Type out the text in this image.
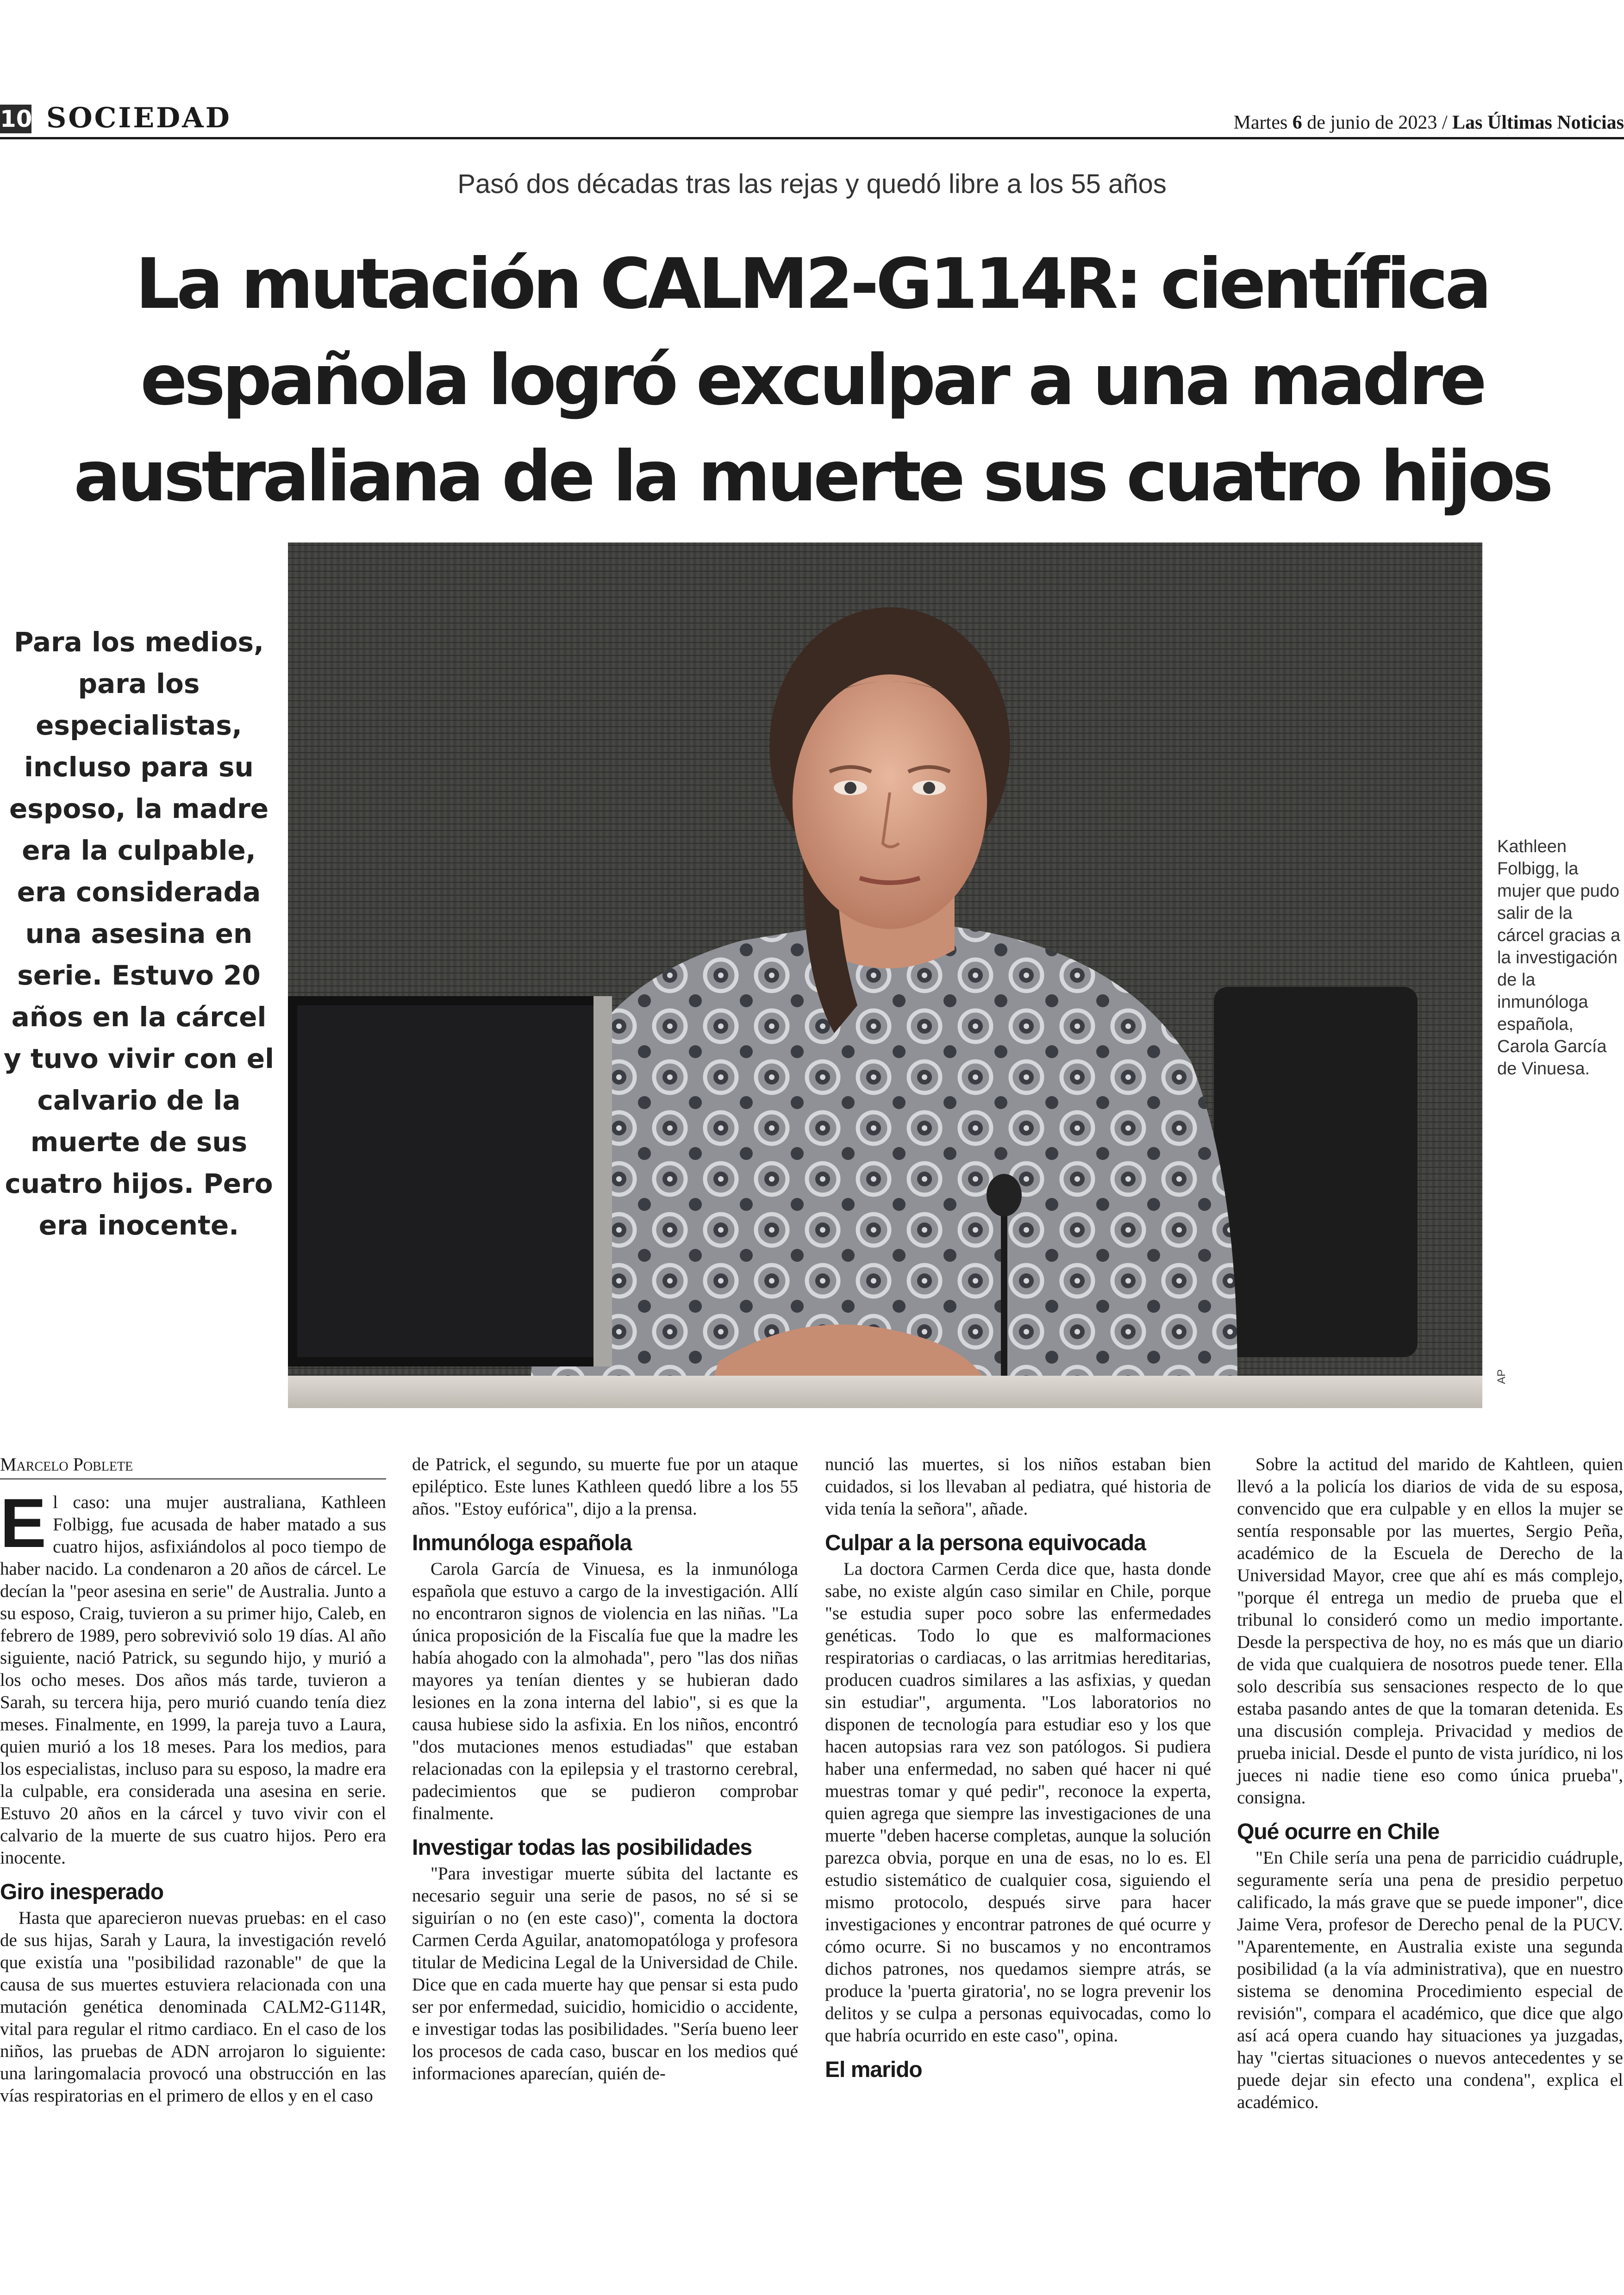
10 SOCIEDAD	Martes 6 de junio de 2023 / Las Últimas Noticias
Pasó dos décadas tras las rejas y quedó libre a los 55 años
La mutación CALM2-G114R: científica
española logró exculpar a una madre
australiana de la muerte sus cuatro hijos
Para los medios, para los especialistas, incluso para su esposo, la madre era la culpable, era considerada una asesina en serie. Estuvo 20 años en la cárcel y tuvo vivir con el calvario de la muerte de sus cuatro hijos. Pero era inocente.
AP
Kathleen Folbigg, la mujer que pudo salir de la cárcel gracias a la investigación de la inmunóloga española, Carola García de Vinuesa.
Marcelo Poblete

El caso: una mujer australiana, Kathleen Folbigg, fue acusada de haber matado a sus cuatro hijos, asfixiándolos al poco tiempo de haber nacido. La condenaron a 20 años de cárcel. Le decían la "peor asesina en serie" de Australia. Junto a su esposo, Craig, tuvieron a su primer hijo, Caleb, en febrero de 1989, pero sobrevivió solo 19 días. Al año siguiente, nació Patrick, su segundo hijo, y murió a los ocho meses. Dos años más tarde, tuvieron a Sarah, su tercera hija, pero murió cuando tenía diez meses. Finalmente, en 1999, la pareja tuvo a Laura, quien murió a los 18 meses. Para los medios, para los especialistas, incluso para su esposo, la madre era la culpable, era considerada una asesina en serie. Estuvo 20 años en la cárcel y tuvo vivir con el calvario de la muerte de sus cuatro hijos. Pero era inocente.

Giro inesperado

Hasta que aparecieron nuevas pruebas: en el caso de sus hijas, Sarah y Laura, la investigación reveló que existía una "posibilidad razonable" de que la causa de sus muertes estuviera relacionada con una mutación genética denominada CALM2-G114R, vital para regular el ritmo cardiaco. En el caso de los niños, las pruebas de ADN arrojaron lo siguiente: una laringomalacia provocó una obstrucción en las vías respiratorias en el primero de ellos y en el caso

de Patrick, el segundo, su muerte fue por un ataque epiléptico. Este lunes Kathleen quedó libre a los 55 años. "Estoy eufórica", dijo a la prensa.

Inmunóloga española

Carola García de Vinuesa, es la inmunóloga española que estuvo a cargo de la investigación. Allí no encontraron signos de violencia en las niñas. "La única proposición de la Fiscalía fue que la madre les había ahogado con la almohada", pero "las dos niñas mayores ya tenían dientes y se hubieran dado lesiones en la zona interna del labio", si es que la causa hubiese sido la asfixia. En los niños, encontró "dos mutaciones menos estudiadas" que estaban relacionadas con la epilepsia y el trastorno cerebral, padecimientos que se pudieron comprobar finalmente.

Investigar todas las posibilidades

"Para investigar muerte súbita del lactante es necesario seguir una serie de pasos, no sé si se siguirían o no (en este caso)", comenta la doctora Carmen Cerda Aguilar, anatomopatóloga y profesora titular de Medicina Legal de la Universidad de Chile. Dice que en cada muerte hay que pensar si esta pudo ser por enfermedad, suicidio, homicidio o accidente, e investigar todas las posibilidades. "Sería bueno leer los procesos de cada caso, buscar en los medios qué informaciones aparecían, quién de-

nunció las muertes, si los niños estaban bien cuidados, si los llevaban al pediatra, qué historia de vida tenía la señora", añade.

Culpar a la persona equivocada

La doctora Carmen Cerda dice que, hasta donde sabe, no existe algún caso similar en Chile, porque "se estudia super poco sobre las enfermedades genéticas. Todo lo que es malformaciones respiratorias o cardiacas, o las arritmias hereditarias, producen cuadros similares a las asfixias, y quedan sin estudiar", argumenta. "Los laboratorios no disponen de tecnología para estudiar eso y los que hacen autopsias rara vez son patólogos. Si pudiera haber una enfermedad, no saben qué hacer ni qué muestras tomar y qué pedir", reconoce la experta, quien agrega que siempre las investigaciones de una muerte "deben hacerse completas, aunque la solución parezca obvia, porque en una de esas, no lo es. El estudio sistemático de cualquier cosa, siguiendo el mismo protocolo, después sirve para hacer investigaciones y encontrar patrones de qué ocurre y cómo ocurre. Si no buscamos y no encontramos dichos patrones, nos quedamos siempre atrás, se produce la 'puerta giratoria', no se logra prevenir los delitos y se culpa a personas equivocadas, como lo que habría ocurrido en este caso", opina.

El marido

Sobre la actitud del marido de Kahtleen, quien llevó a la policía los diarios de vida de su esposa, convencido que era culpable y en ellos la mujer se sentía responsable por las muertes, Sergio Peña, académico de la Escuela de Derecho de la Universidad Mayor, cree que ahí es más complejo, "porque él entrega un medio de prueba que el tribunal lo consideró como un medio importante. Desde la perspectiva de hoy, no es más que un diario de vida que cualquiera de nosotros puede tener. Ella solo describía sus sensaciones respecto de lo que estaba pasando antes de que la tomaran detenida. Es una discusión compleja. Privacidad y medios de prueba inicial. Desde el punto de vista jurídico, ni los jueces ni nadie tiene eso como única prueba", consigna.

Qué ocurre en Chile

"En Chile sería una pena de parricidio cuádruple, seguramente sería una pena de presidio perpetuo calificado, la más grave que se puede imponer", dice Jaime Vera, profesor de Derecho penal de la PUCV. "Aparentemente, en Australia existe una segunda posibilidad (a la vía administrativa), que en nuestro sistema se denomina Procedimiento especial de revisión", compara el académico, que dice que algo así acá opera cuando hay situaciones ya juzgadas, hay "ciertas situaciones o nuevos antecedentes y se puede dejar sin efecto una condena", explica el académico.
